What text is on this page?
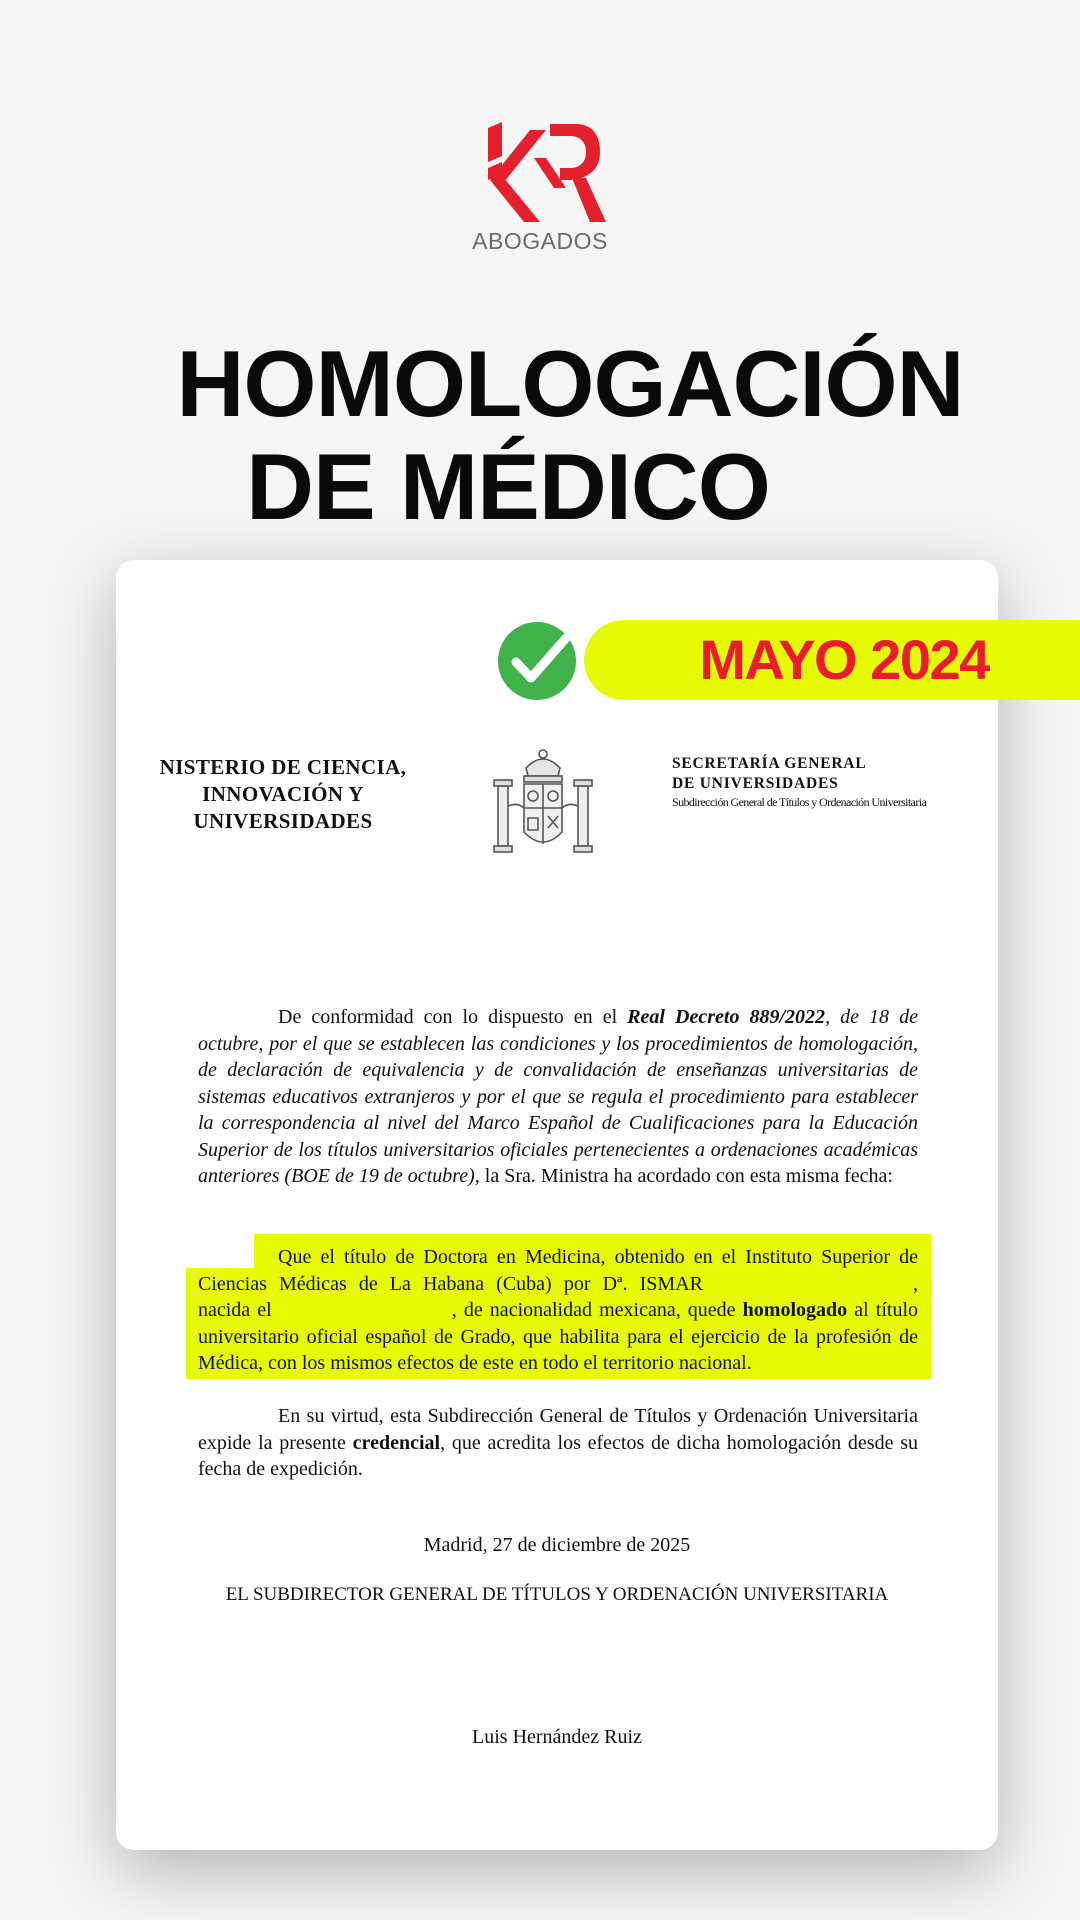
ABOGADOS
HOMOLOGACIÓN
DE MÉDICO
MAYO 2024
NISTERIO DE CIENCIA,
INNOVACIÓN Y
UNIVERSIDADES
SECRETARÍA GENERAL
DE UNIVERSIDADES
Subdirección General de Títulos y Ordenación Universitaria
De conformidad con lo dispuesto en el Real Decreto 889/2022, de 18 de octubre, por el que se establecen las condiciones y los procedimientos de homologación, de declaración de equivalencia y de convalidación de enseñanzas universitarias de sistemas educativos extranjeros y por el que se regula el procedimiento para establecer la correspondencia al nivel del Marco Español de Cualificaciones para la Educación Superior de los títulos universitarios oficiales pertenecientes a ordenaciones académicas anteriores (BOE de 19 de octubre), la Sra. Ministra ha acordado con esta misma fecha:
Que el título de Doctora en Medicina, obtenido en el Instituto Superior de Ciencias Médicas de La Habana (Cuba) por Dª. ISMAR	, nacida el	, de nacionalidad mexicana, quede homologado al título universitario oficial español de Grado, que habilita para el ejercicio de la profesión de Médica, con los mismos efectos de este en todo el territorio nacional.
En su virtud, esta Subdirección General de Títulos y Ordenación Universitaria expide la presente credencial, que acredita los efectos de dicha homologación desde su fecha de expedición.
Madrid, 27 de diciembre de 2025
EL SUBDIRECTOR GENERAL DE TÍTULOS Y ORDENACIÓN UNIVERSITARIA
Luis Hernández Ruiz
